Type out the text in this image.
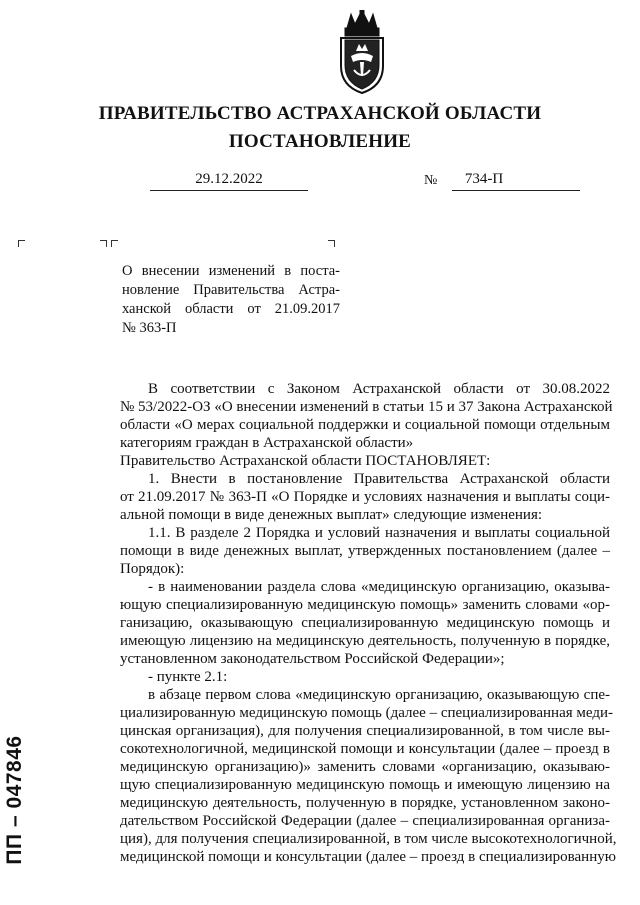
ПРАВИТЕЛЬСТВО АСТРАХАНСКОЙ ОБЛАСТИ
ПОСТАНОВЛЕНИЕ
29.12.2022	№	734-П
О внесении изменений в поста-
новление Правительства Астра-
ханской области от 21.09.2017
№ 363-П
В соответствии с Законом Астраханской области от 30.08.2022
№ 53/2022-ОЗ «О внесении изменений в статьи 15 и 37 Закона Астраханской
области «О мерах социальной поддержки и социальной помощи отдельным
категориям граждан в Астраханской области»
Правительство Астраханской области ПОСТАНОВЛЯЕТ:
1. Внести в постановление Правительства Астраханской области
от 21.09.2017 № 363-П «О Порядке и условиях назначения и выплаты соци-
альной помощи в виде денежных выплат» следующие изменения:
1.1. В разделе 2 Порядка и условий назначения и выплаты социальной
помощи в виде денежных выплат, утвержденных постановлением (далее –
Порядок):
- в наименовании раздела слова «медицинскую организацию, оказыва-
ющую специализированную медицинскую помощь» заменить словами «ор-
ганизацию, оказывающую специализированную медицинскую помощь и
имеющую лицензию на медицинскую деятельность, полученную в порядке,
установленном законодательством Российской Федерации»;
- пункте 2.1:
в абзаце первом слова «медицинскую организацию, оказывающую спе-
циализированную медицинскую помощь (далее – специализированная меди-
цинская организация), для получения специализированной, в том числе вы-
сокотехнологичной, медицинской помощи и консультации (далее – проезд в
медицинскую организацию)» заменить словами «организацию, оказываю-
щую специализированную медицинскую помощь и имеющую лицензию на
медицинскую деятельность, полученную в порядке, установленном законо-
дательством Российской Федерации (далее – специализированная организа-
ция), для получения специализированной, в том числе высокотехнологичной,
медицинской помощи и консультации (далее – проезд в специализированную
ПП – 047846
